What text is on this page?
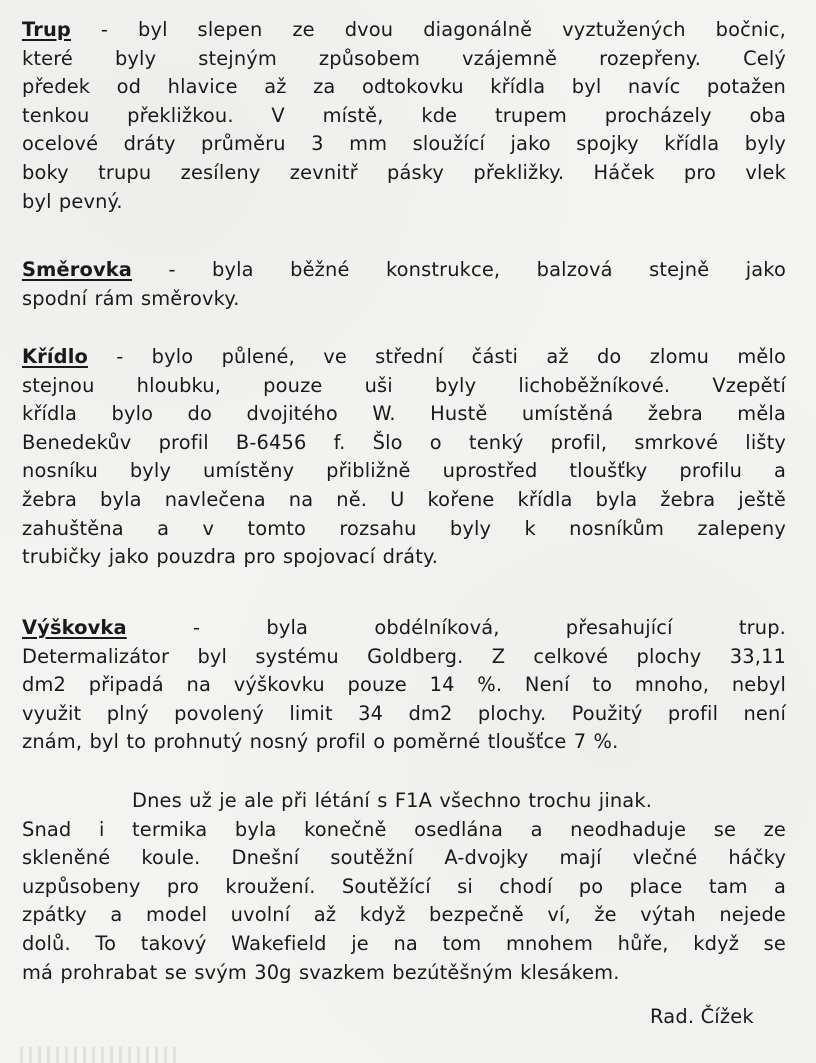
Trup - byl slepen ze dvou diagonálně vyztužených bočnic,
které byly stejným způsobem vzájemně rozepřeny. Celý
předek od hlavice až za odtokovku křídla byl navíc potažen
tenkou překližkou. V místě, kde trupem procházely oba
ocelové dráty průměru 3 mm sloužící jako spojky křídla byly
boky trupu zesíleny zevnitř pásky překližky. Háček pro vlek
byl pevný.
Směrovka - byla běžné konstrukce, balzová stejně jako
spodní rám směrovky.
Křídlo - bylo půlené, ve střední části až do zlomu mělo
stejnou hloubku, pouze uši byly lichoběžníkové. Vzepětí
křídla bylo do dvojitého W. Hustě umístěná žebra měla
Benedekův profil B-6456 f. Šlo o tenký profil, smrkové lišty
nosníku byly umístěny přibližně uprostřed tloušťky profilu a
žebra byla navlečena na ně. U kořene křídla byla žebra ještě
zahuštěna a v tomto rozsahu byly k nosníkům zalepeny
trubičky jako pouzdra pro spojovací dráty.
Výškovka - byla obdélníková, přesahující trup.
Determalizátor byl systému Goldberg. Z celkové plochy 33,11
dm2 připadá na výškovku pouze 14 %. Není to mnoho, nebyl
využit plný povolený limit 34 dm2 plochy. Použitý profil není
znám, byl to prohnutý nosný profil o poměrné tloušťce 7 %.
Dnes už je ale při létání s F1A všechno trochu jinak.
Snad i termika byla konečně osedlána a neodhaduje se ze
skleněné koule. Dnešní soutěžní A-dvojky mají vlečné háčky
uzpůsobeny pro kroužení. Soutěžící si chodí po place tam a
zpátky a model uvolní až když bezpečně ví, že výtah nejede
dolů. To takový Wakefield je na tom mnohem hůře, když se
má prohrabat se svým 30g svazkem bezútěšným klesákem.
Rad. Čížek
